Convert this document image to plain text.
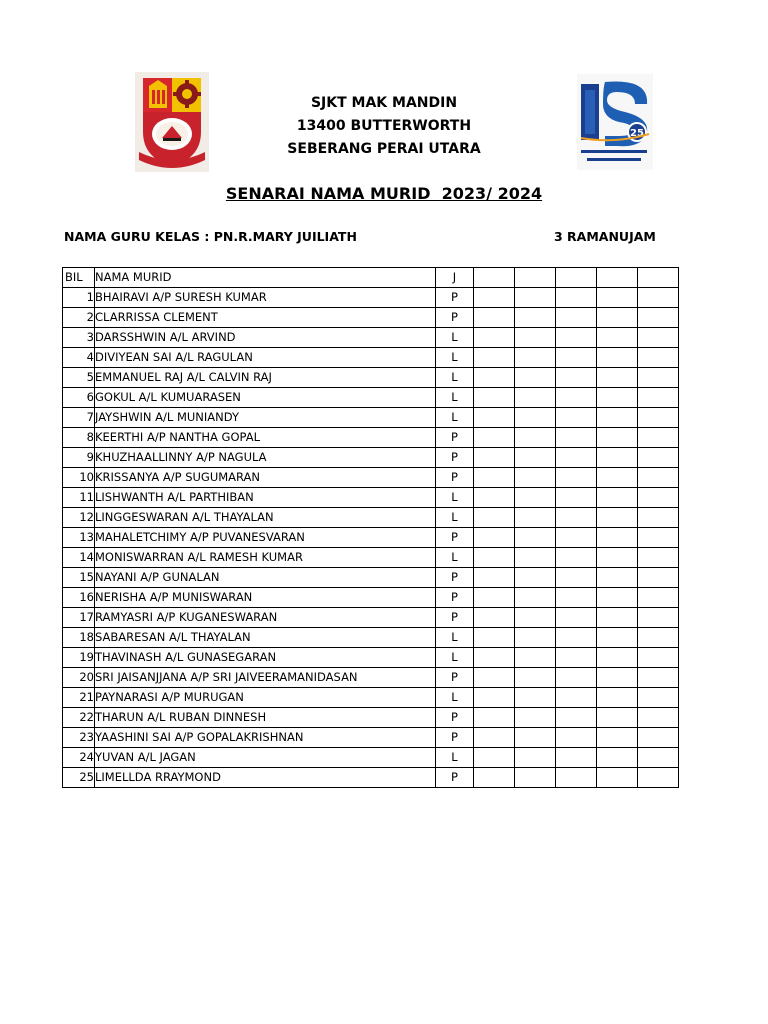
25
SJKT MAK MANDIN
13400 BUTTERWORTH
SEBERANG PERAI UTARA
SENARAI NAMA MURID  2023/ 2024
NAMA GURU KELAS : PN.R.MARY JUILIATH	3 RAMANUJAM
BIL	NAMA MURID	J					
1	BHAIRAVI A/P SURESH KUMAR	P					
2	CLARRISSA CLEMENT	P					
3	DARSSHWIN A/L ARVIND	L					
4	DIVIYEAN SAI A/L RAGULAN	L					
5	EMMANUEL RAJ A/L CALVIN RAJ	L					
6	GOKUL A/L KUMUARASEN	L					
7	JAYSHWIN A/L MUNIANDY	L					
8	KEERTHI A/P NANTHA GOPAL	P					
9	KHUZHAALLINNY A/P NAGULA	P					
10	KRISSANYA A/P SUGUMARAN	P					
11	LISHWANTH A/L PARTHIBAN	L					
12	LINGGESWARAN A/L THAYALAN	L					
13	MAHALETCHIMY A/P PUVANESVARAN	P					
14	MONISWARRAN A/L RAMESH KUMAR	L					
15	NAYANI A/P GUNALAN	P					
16	NERISHA A/P MUNISWARAN	P					
17	RAMYASRI A/P KUGANESWARAN	P					
18	SABARESAN A/L THAYALAN	L					
19	THAVINASH A/L GUNASEGARAN	L					
20	SRI JAISANJJANA A/P SRI JAIVEERAMANIDASAN	P					
21	PAYNARASI A/P MURUGAN	L					
22	THARUN A/L RUBAN DINNESH	P					
23	YAASHINI SAI A/P GOPALAKRISHNAN	P					
24	YUVAN A/L JAGAN	L					
25	LIMELLDA RRAYMOND	P					
